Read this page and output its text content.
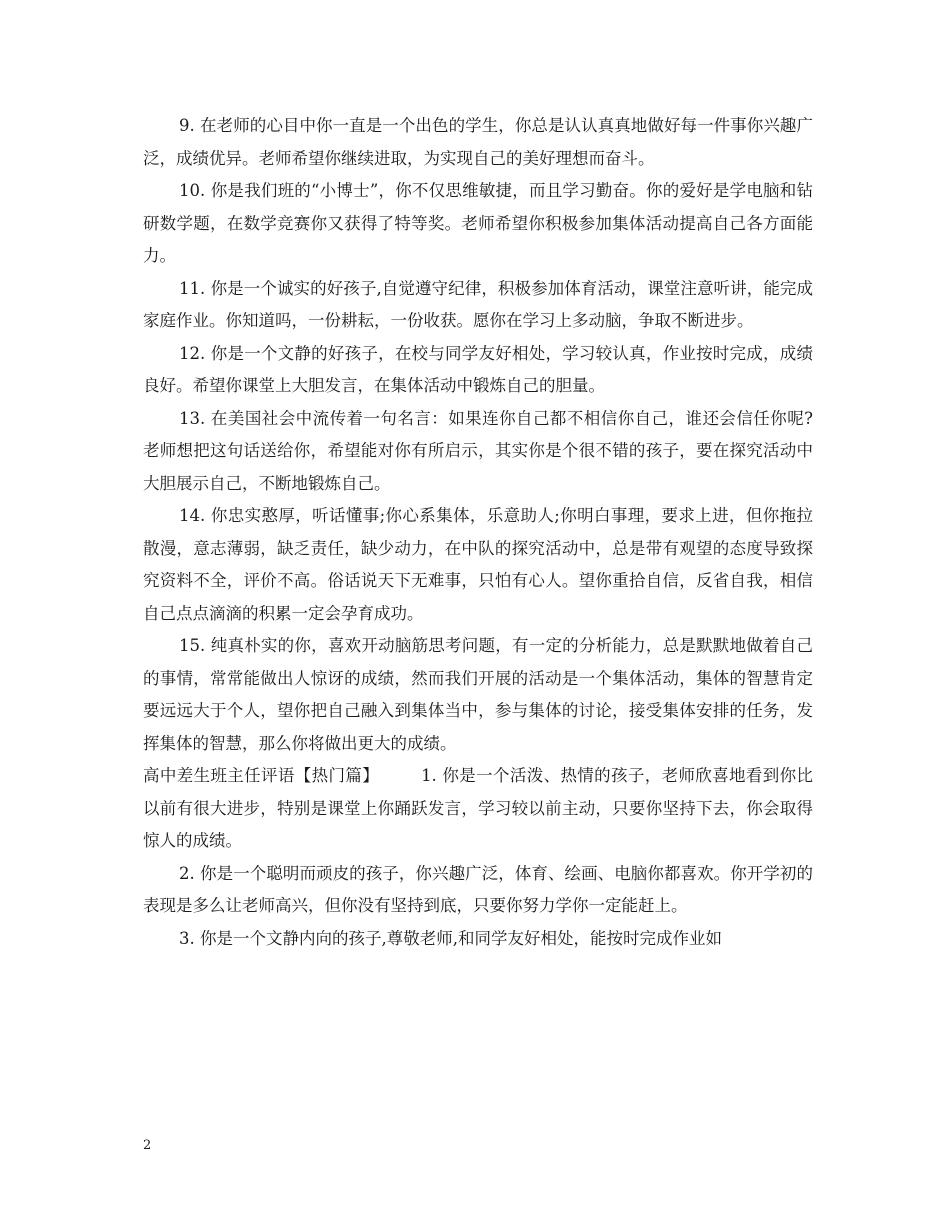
9. 在老师的心目中你一直是一个出色的学生，你总是认认真真地做好每一件事你兴趣广泛，成绩优异。老师希望你继续进取，为实现自己的美好理想而奋斗。

10. 你是我们班的“小博士”，你不仅思维敏捷，而且学习勤奋。你的爱好是学电脑和钻研数学题，在数学竞赛你又获得了特等奖。老师希望你积极参加集体活动提高自己各方面能力。

11. 你是一个诚实的好孩子,自觉遵守纪律，积极参加体育活动，课堂注意听讲，能完成家庭作业。你知道吗，一份耕耘，一份收获。愿你在学习上多动脑，争取不断进步。

12. 你是一个文静的好孩子，在校与同学友好相处，学习较认真，作业按时完成，成绩良好。希望你课堂上大胆发言，在集体活动中锻炼自己的胆量。

13. 在美国社会中流传着一句名言：如果连你自己都不相信你自己，谁还会信任你呢?老师想把这句话送给你，希望能对你有所启示，其实你是个很不错的孩子，要在探究活动中大胆展示自己，不断地锻炼自己。

14. 你忠实憨厚，听话懂事;你心系集体，乐意助人;你明白事理，要求上进，但你拖拉散漫，意志薄弱，缺乏责任，缺少动力，在中队的探究活动中，总是带有观望的态度导致探究资料不全，评价不高。俗话说天下无难事，只怕有心人。望你重拾自信，反省自我，相信自己点点滴滴的积累一定会孕育成功。

15. 纯真朴实的你，喜欢开动脑筋思考问题，有一定的分析能力，总是默默地做着自己的事情，常常能做出人惊讶的成绩，然而我们开展的活动是一个集体活动，集体的智慧肯定要远远大于个人，望你把自己融入到集体当中，参与集体的讨论，接受集体安排的任务，发挥集体的智慧，那么你将做出更大的成绩。

高中差生班主任评语【热门篇】	1. 你是一个活泼、热情的孩子，老师欣喜地看到你比以前有很大进步，特别是课堂上你踊跃发言，学习较以前主动，只要你坚持下去，你会取得惊人的成绩。

2. 你是一个聪明而顽皮的孩子，你兴趣广泛，体育、绘画、电脑你都喜欢。你开学初的表现是多么让老师高兴，但你没有坚持到底，只要你努力学你一定能赶上。

3. 你是一个文静内向的孩子,尊敬老师,和同学友好相处，能按时完成作业如

2
